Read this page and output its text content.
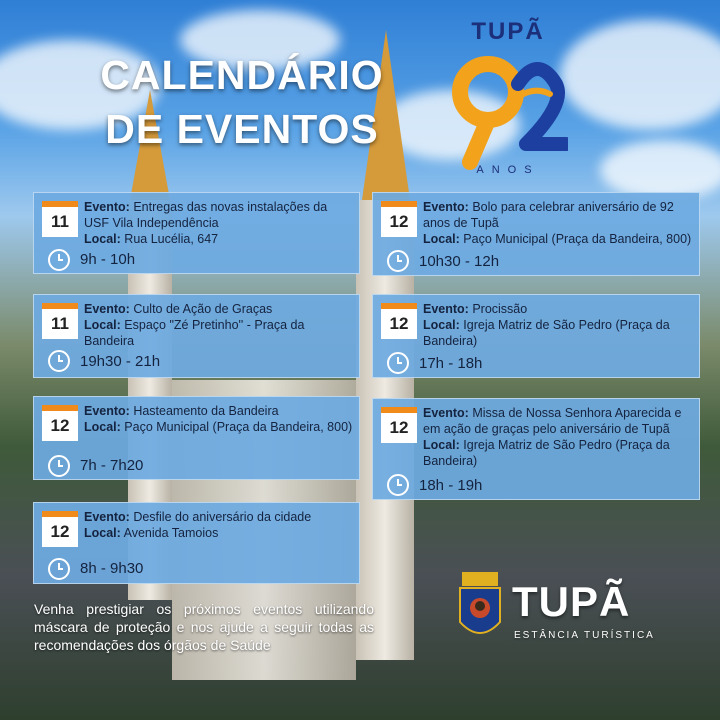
CALENDÁRIO
DE EVENTOS
TUPÃ
ANOS
11
Evento: Entregas das novas instalações da USF Vila Independência
Local: Rua Lucélia, 647
9h - 10h
11
Evento: Culto de Ação de Graças
Local: Espaço "Zé Pretinho'' - Praça da Bandeira
19h30 - 21h
12
Evento: Hasteamento da Bandeira
Local: Paço Municipal (Praça da Bandeira, 800)
7h - 7h20
12
Evento: Desfile do aniversário da cidade
Local: Avenida Tamoios
8h - 9h30
12
Evento: Bolo para celebrar aniversário de 92 anos de Tupã
Local: Paço Municipal (Praça da Bandeira, 800)
10h30 - 12h
12
Evento: Procissão
Local: Igreja Matriz de São Pedro (Praça da Bandeira)
17h - 18h
12
Evento: Missa de Nossa Senhora Aparecida e em ação de graças pelo aniversário de Tupã
Local: Igreja Matriz de São Pedro (Praça da Bandeira)
18h - 19h
Venha prestigiar os próximos eventos utilizando máscara de proteção e nos ajude a seguir todas as recomendações dos órgãos de Saúde
TUPÃ
ESTÂNCIA TURÍSTICA
